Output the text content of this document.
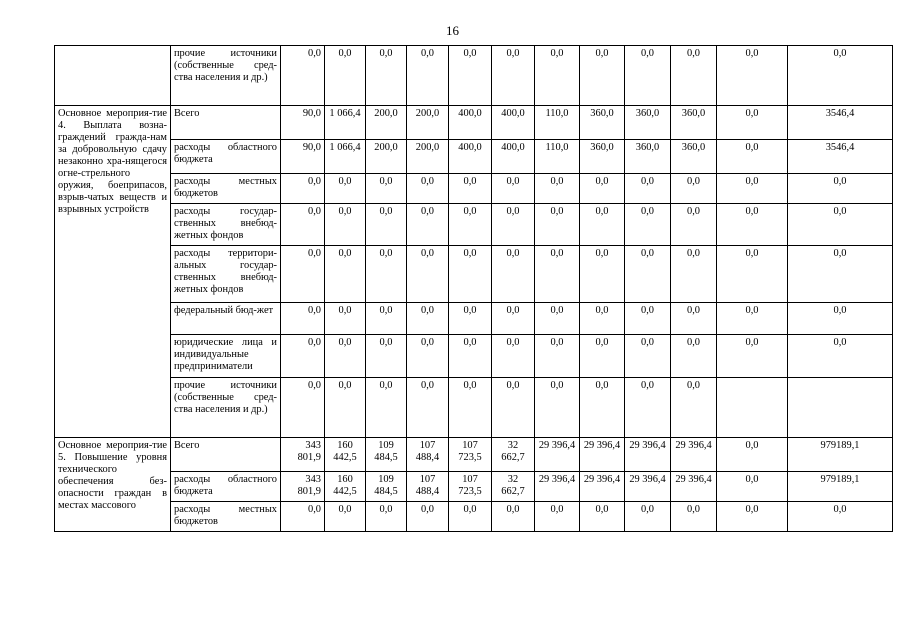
16
	прочие источники (собственные сред-ства населения и др.)	0,0	0,0	0,0	0,0	0,0	0,0	0,0	0,0	0,0	0,0	0,0	0,0
Основное мероприя-тие 4. Выплата возна-граждений гражда-нам за добровольную сдачу незаконно хра-нящегося огне-стрельного оружия, боеприпасов, взрыв-чатых веществ и взрывных устройств	Всего	90,0	1 066,4	200,0	200,0	400,0	400,0	110,0	360,0	360,0	360,0	0,0	3546,4
	расходы областного бюджета	90,0	1 066,4	200,0	200,0	400,0	400,0	110,0	360,0	360,0	360,0	0,0	3546,4
	расходы местных бюджетов	0,0	0,0	0,0	0,0	0,0	0,0	0,0	0,0	0,0	0,0	0,0	0,0
	расходы государ-ственных внебюд-жетных фондов	0,0	0,0	0,0	0,0	0,0	0,0	0,0	0,0	0,0	0,0	0,0	0,0
	расходы территори-альных государ-ственных внебюд-жетных фондов	0,0	0,0	0,0	0,0	0,0	0,0	0,0	0,0	0,0	0,0	0,0	0,0
	федеральный бюд-жет	0,0	0,0	0,0	0,0	0,0	0,0	0,0	0,0	0,0	0,0	0,0	0,0
	юридические лица и индивидуальные предприниматели	0,0	0,0	0,0	0,0	0,0	0,0	0,0	0,0	0,0	0,0	0,0	0,0
	прочие источники (собственные сред-ства населения и др.)	0,0	0,0	0,0	0,0	0,0	0,0	0,0	0,0	0,0	0,0		
Основное мероприя-тие 5. Повышение уровня технического обеспечения без-опасности граждан в местах массового	Всего	343 801,9	160 442,5	109 484,5	107 488,4	107 723,5	32 662,7	29 396,4	29 396,4	29 396,4	29 396,4	0,0	979189,1
	расходы областного бюджета	343 801,9	160 442,5	109 484,5	107 488,4	107 723,5	32 662,7	29 396,4	29 396,4	29 396,4	29 396,4	0,0	979189,1
	расходы местных бюджетов	0,0	0,0	0,0	0,0	0,0	0,0	0,0	0,0	0,0	0,0	0,0	0,0
